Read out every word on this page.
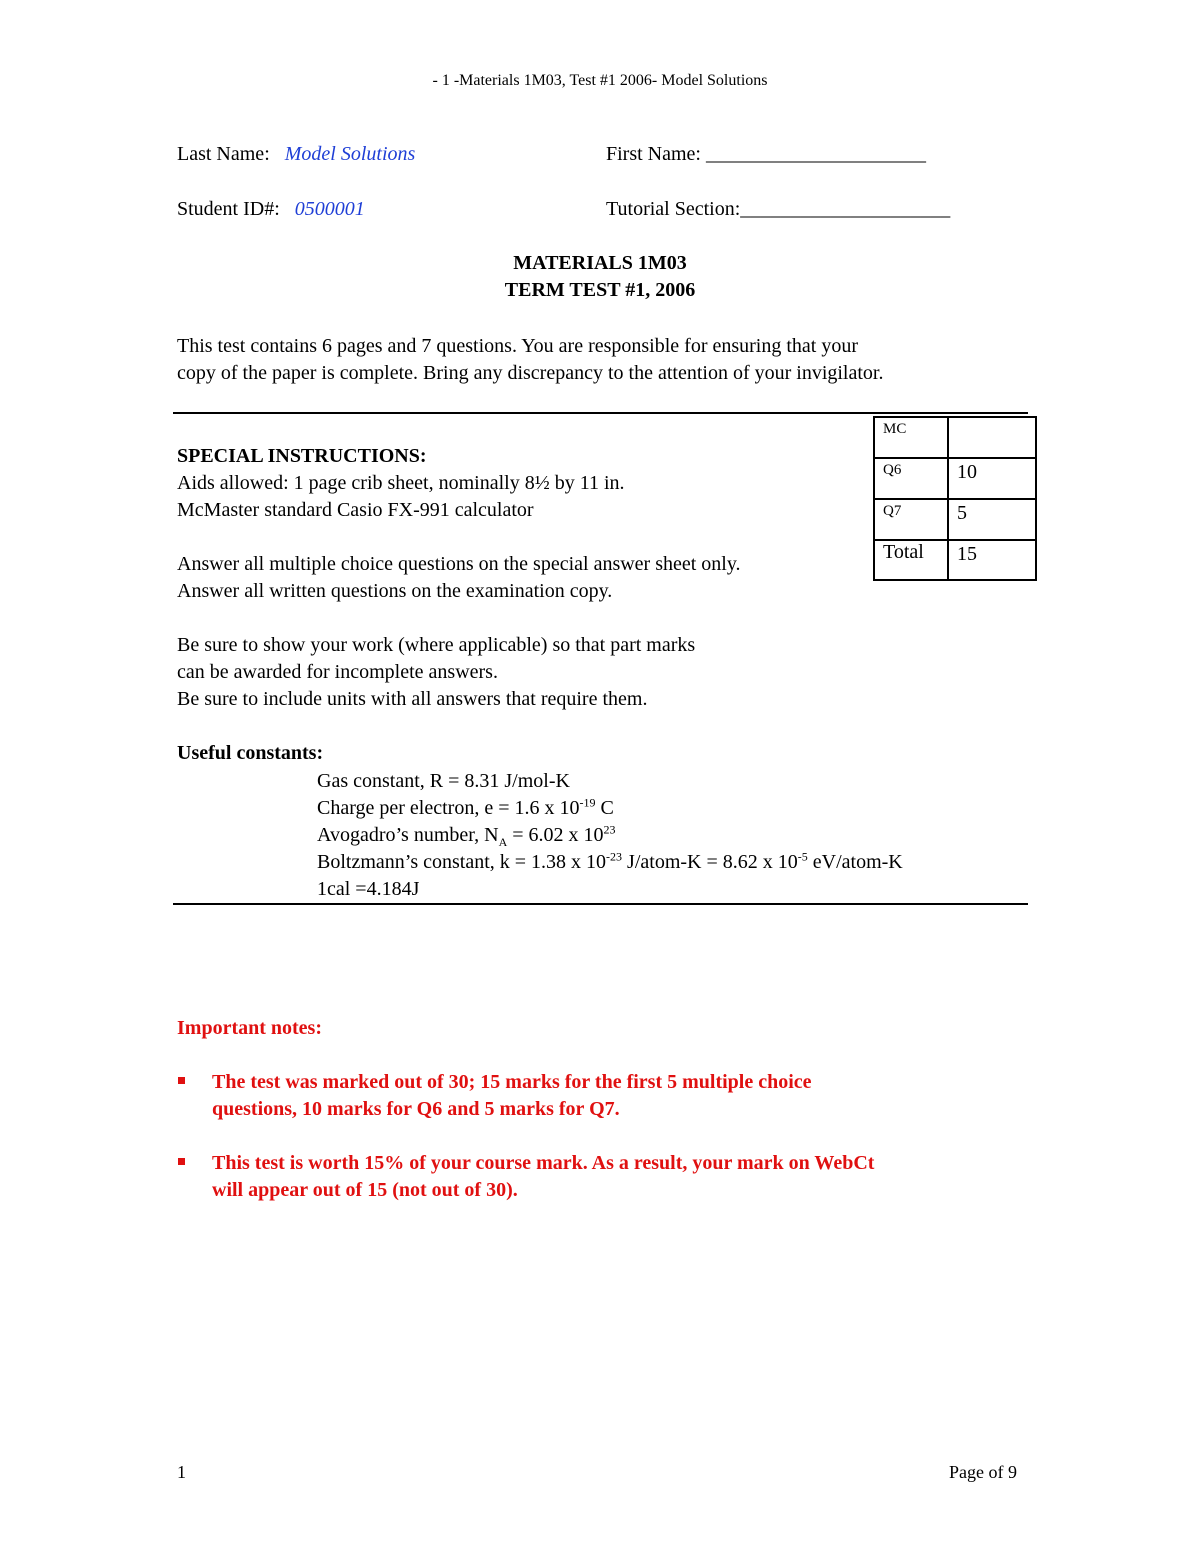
- 1 -Materials 1M03, Test #1 2006- Model Solutions
Last Name: Model Solutions	First Name: ______________________
Student ID#: 0500001	Tutorial Section:_____________________
MATERIALS 1M03
TERM TEST #1, 2006
This test contains 6 pages and 7 questions. You are responsible for ensuring that your
copy of the paper is complete. Bring any discrepancy to the attention of your invigilator.
MC	
Q6	10
Q7	5
Total	15
SPECIAL INSTRUCTIONS:
Aids allowed: 1 page crib sheet, nominally 8½ by 11 in.
McMaster standard Casio FX-991 calculator
Answer all multiple choice questions on the special answer sheet only.
Answer all written questions on the examination copy.
Be sure to show your work (where applicable) so that part marks
can be awarded for incomplete answers.
Be sure to include units with all answers that require them.
Useful constants:
Gas constant, R = 8.31 J/mol-K
Charge per electron, e = 1.6 x $10^{-19}$ C
Avogadro’s number, $N_A = 6.02$ x $10^{23}$
Boltzmann’s constant, k = 1.38 x $10^{-23}$ J/atom-K = 8.62 x $10^{-5}$ eV/atom-K
1cal =4.184J
Important notes:
The test was marked out of 30; 15 marks for the first 5 multiple choice
questions, 10 marks for Q6 and 5 marks for Q7.
This test is worth 15% of your course mark. As a result, your mark on WebCt
will appear out of 15 (not out of 30).
1	Page of 9
